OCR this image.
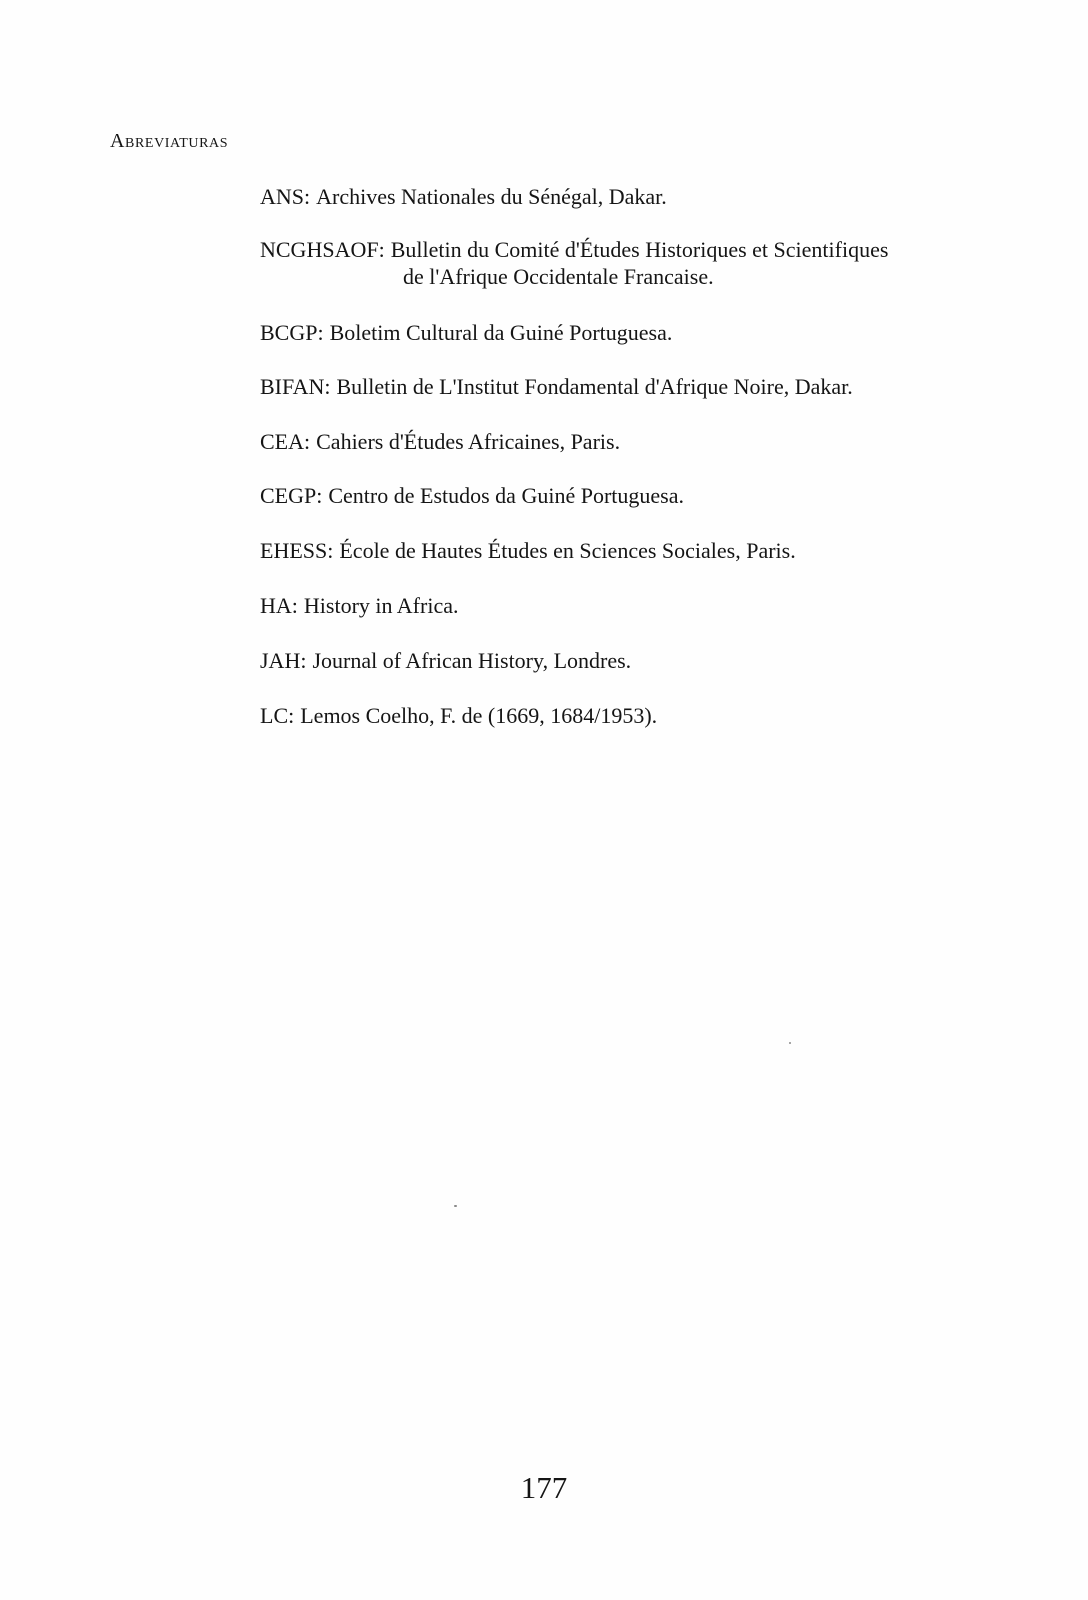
Abreviaturas

ANS: Archives Nationales du Sénégal, Dakar.

NCGHSAOF: Bulletin du Comité d'Études Historiques et Scientifiques
de l'Afrique Occidentale Francaise.

BCGP: Boletim Cultural da Guiné Portuguesa.

BIFAN: Bulletin de L'Institut Fondamental d'Afrique Noire, Dakar.

CEA: Cahiers d'Études Africaines, Paris.

CEGP: Centro de Estudos da Guiné Portuguesa.

EHESS: École de Hautes Études en Sciences Sociales, Paris.

HA: History in Africa.

JAH: Journal of African History, Londres.

LC: Lemos Coelho, F. de (1669, 1684/1953).

177
